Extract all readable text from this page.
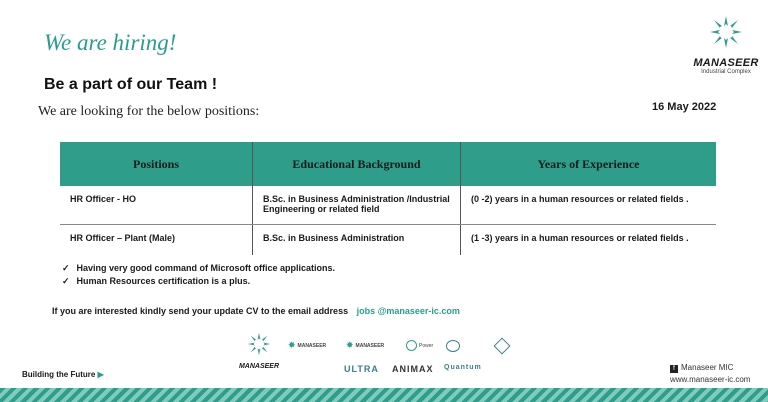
We are hiring!
Be a part of our Team !
We are looking for the below positions:	16 May 2022
MANASEER
Industrial Complex
Positions	Educational Background	Years of Experience
HR Officer - HO	B.Sc. in Business Administration /Industrial Engineering or related field	(0 -2) years in a human resources or related fields .
HR Officer – Plant (Male)	B.Sc. in Business Administration	(1 -3) years in a human resources or related fields .
✓ Having very good command of Microsoft office applications.
✓ Human Resources certification is a plus.
If you are interested kindly send your update CV to the email address jobs @manaseer-ic.com
MANASEER
✸ MANASEER ✸ MANASEER	Power
ULTRA ANIMAX Quantum
Building the Future ▶
f Manaseer MIC
www.manaseer-ic.com
